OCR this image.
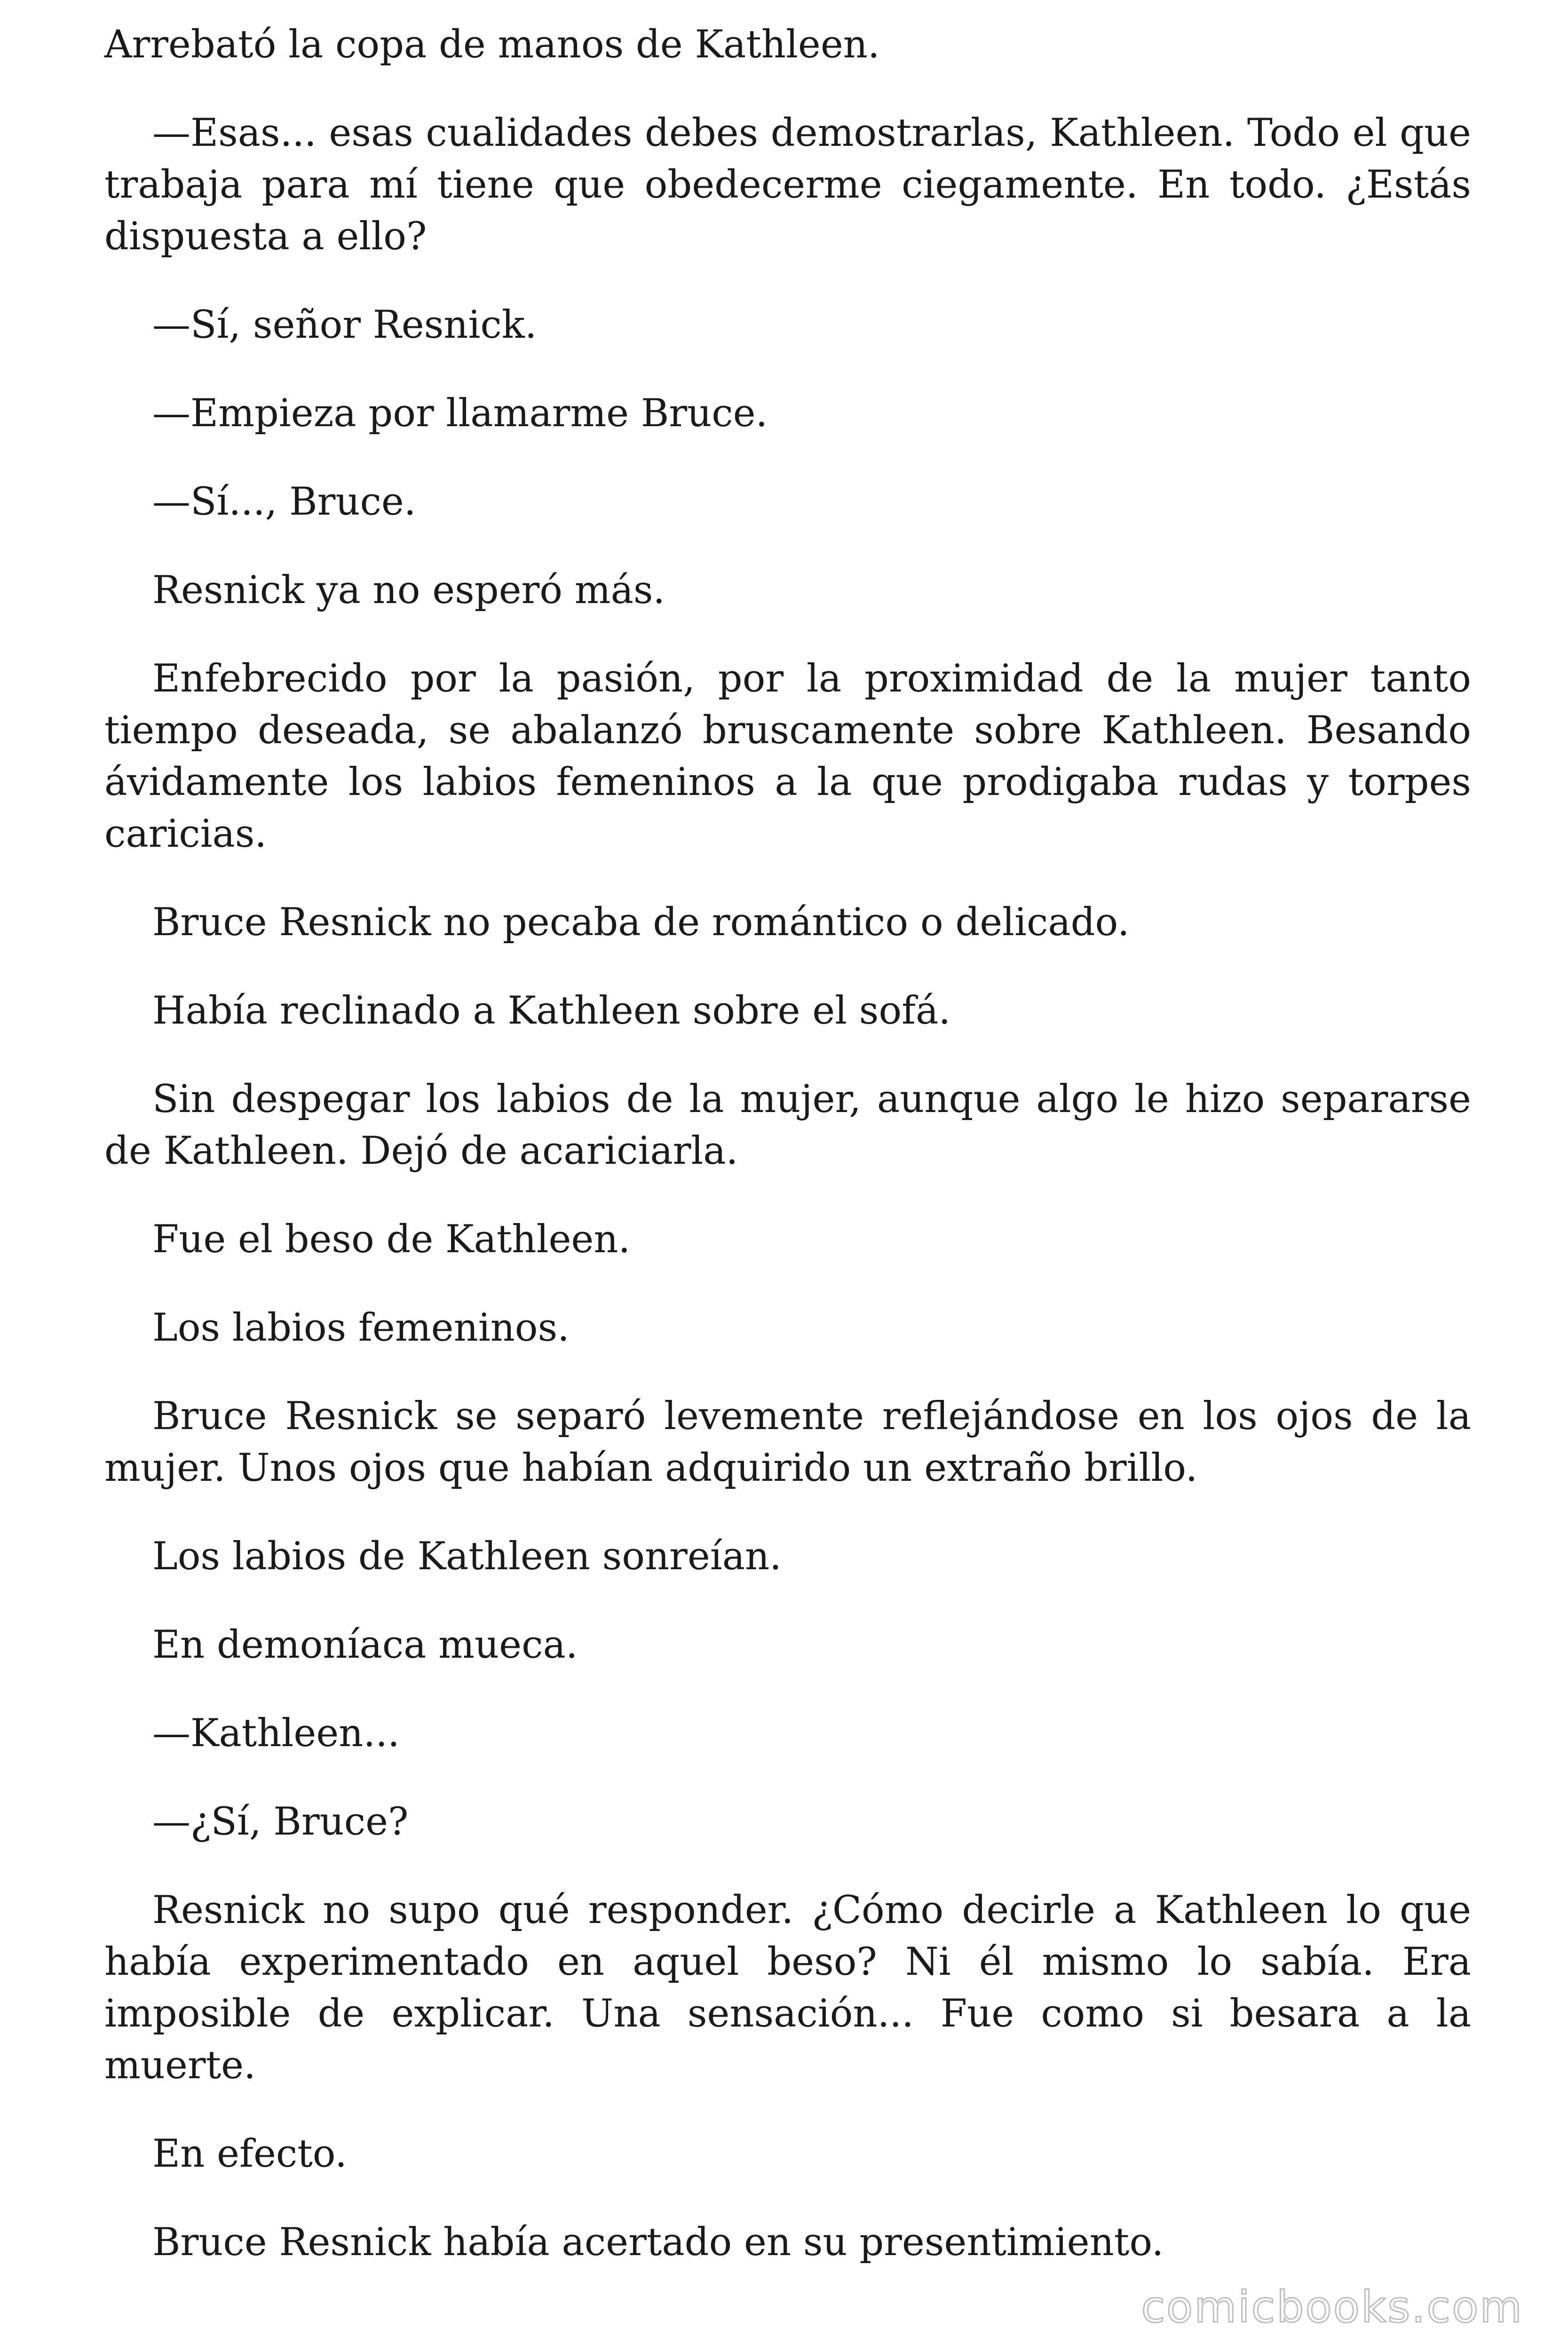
Arrebató la copa de manos de Kathleen.

—Esas... esas cualidades debes demostrarlas, Kathleen. Todo el que trabaja para mí tiene que obedecerme ciegamente. En todo. ¿Estás dispuesta a ello?

—Sí, señor Resnick.

—Empieza por llamarme Bruce.

—Sí..., Bruce.

Resnick ya no esperó más.

Enfebrecido por la pasión, por la proximidad de la mujer tanto tiempo deseada, se abalanzó bruscamente sobre Kathleen. Besando ávidamente los labios femeninos a la que prodigaba rudas y torpes caricias.

Bruce Resnick no pecaba de romántico o delicado.

Había reclinado a Kathleen sobre el sofá.

Sin despegar los labios de la mujer, aunque algo le hizo separarse de Kathleen. Dejó de acariciarla.

Fue el beso de Kathleen.

Los labios femeninos.

Bruce Resnick se separó levemente reflejándose en los ojos de la mujer. Unos ojos que habían adquirido un extraño brillo.

Los labios de Kathleen sonreían.

En demoníaca mueca.

—Kathleen...

—¿Sí, Bruce?

Resnick no supo qué responder. ¿Cómo decirle a Kathleen lo que había experimentado en aquel beso? Ni él mismo lo sabía. Era imposible de explicar. Una sensación... Fue como si besara a la muerte.

En efecto.

Bruce Resnick había acertado en su presentimiento.

comicbooks.com
